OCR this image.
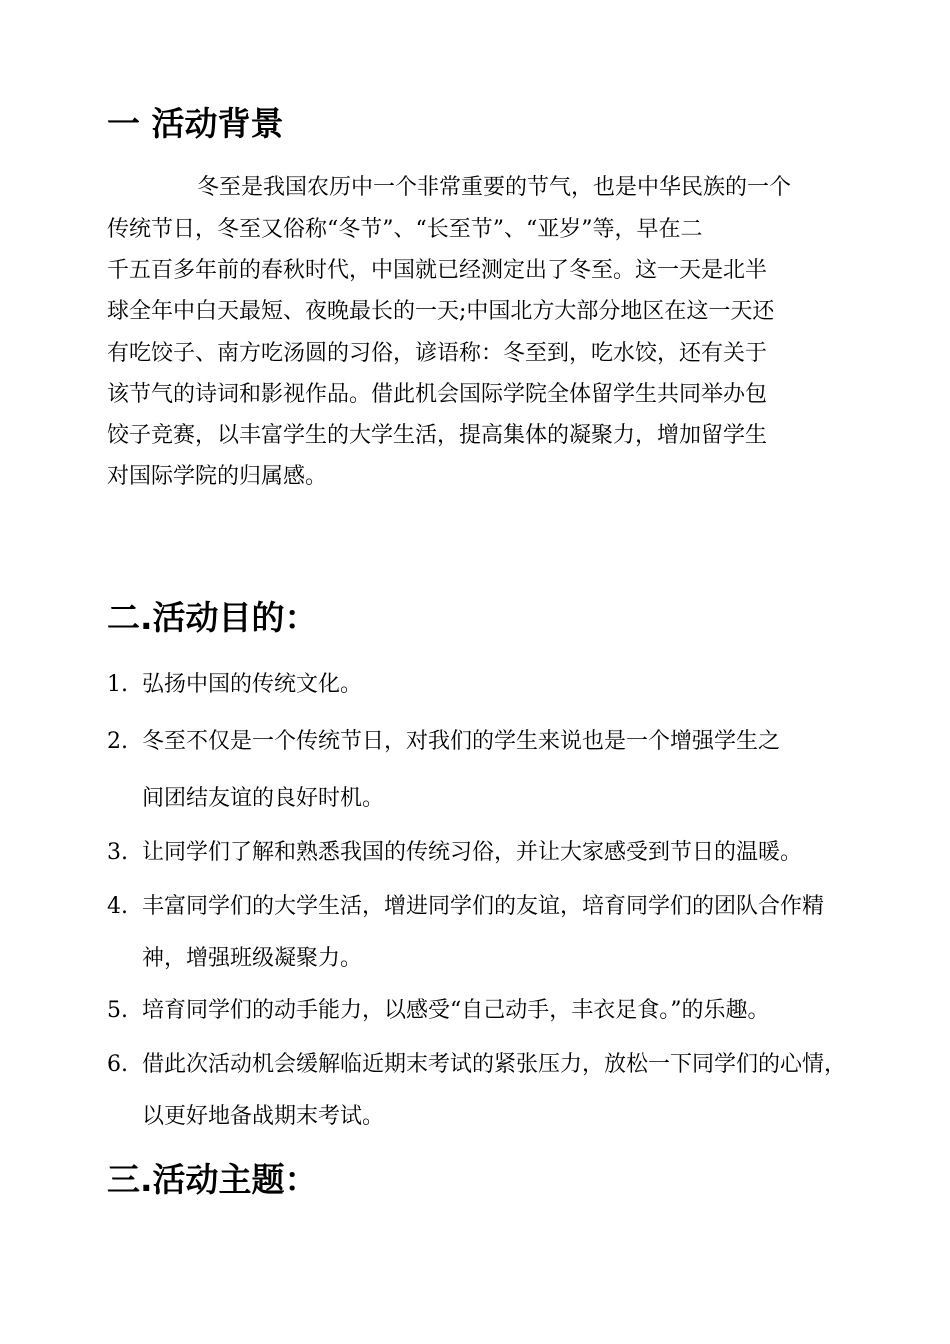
一 活动背景

冬至是我国农历中一个非常重要的节气，也是中华民族的一个

传统节日，冬至又俗称“冬节”、“长至节”、“亚岁”等，早在二

千五百多年前的春秋时代，中国就已经测定出了冬至。这一天是北半

球全年中白天最短、夜晚最长的一天;中国北方大部分地区在这一天还

有吃饺子、南方吃汤圆的习俗，谚语称：冬至到，吃水饺，还有关于

该节气的诗词和影视作品。借此机会国际学院全体留学生共同举办包

饺子竞赛，以丰富学生的大学生活，提高集体的凝聚力，增加留学生

对国际学院的归属感。

二.活动目的：
1. 弘扬中国的传统文化。
2. 冬至不仅是一个传统节日，对我们的学生来说也是一个增强学生之
间团结友谊的良好时机。
3. 让同学们了解和熟悉我国的传统习俗，并让大家感受到节日的温暖。
4. 丰富同学们的大学生活，增进同学们的友谊，培育同学们的团队合作精
神，增强班级凝聚力。
5. 培育同学们的动手能力，以感受“自己动手，丰衣足食。”的乐趣。
6. 借此次活动机会缓解临近期末考试的紧张压力，放松一下同学们的心情，
以更好地备战期末考试。
三.活动主题：
